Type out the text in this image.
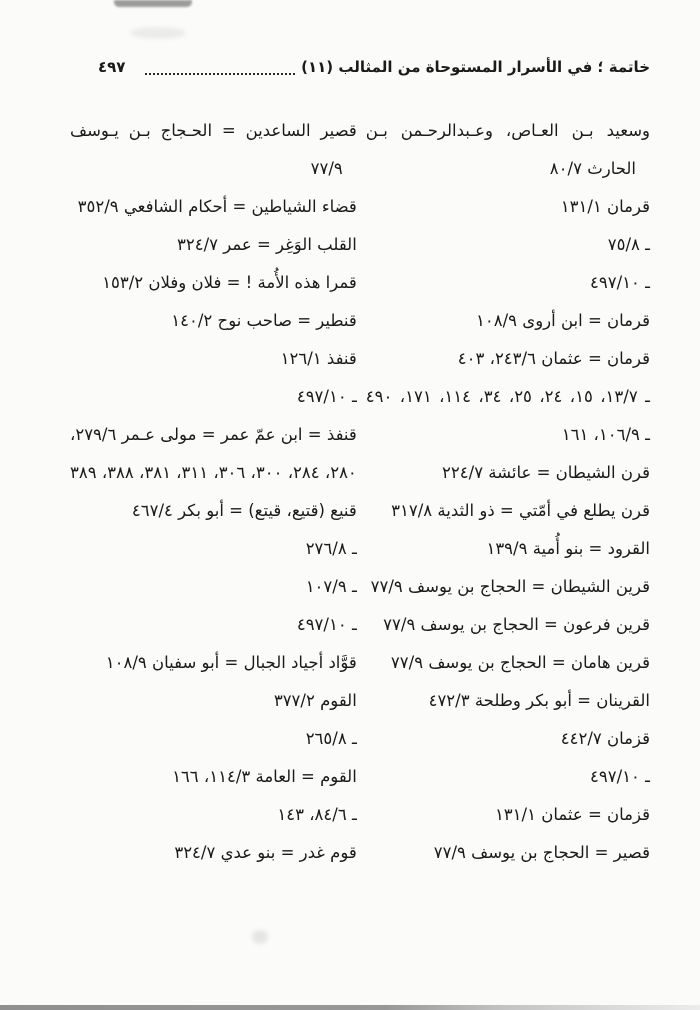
خاتمة ؛ في الأسرار المستوحاة من المثالب (١١)
٤٩٧
وسعيد بـن العـاص، وعـبدالرحـمن بـن
الحارث ٨٠/٧
قرمان ١٣١/١
ـ ٧٥/٨
ـ ٤٩٧/١٠
قرمان = ابن أروى ١٠٨/٩
قرمان = عثمان ٢٤٣/٦، ٤٠٣
ـ ١٣/٧، ١٥، ٢٤، ٢٥، ٣٤، ١١٤، ١٧١، ٤٩٠
ـ ١٠٦/٩، ١٦١
قرن الشيطان = عائشة ٢٢٤/٧
قرن يطلع في أمّتي = ذو الثدية ٣١٧/٨
القرود = بنو أُمية ١٣٩/٩
قرين الشيطان = الحجاج بن يوسف ٧٧/٩
قرين فرعون = الحجاج بن يوسف ٧٧/٩
قرين هامان = الحجاج بن يوسف ٧٧/٩
القرينان = أبو بكر وطلحة ٤٧٢/٣
قزمان ٤٤٢/٧
ـ ٤٩٧/١٠
قزمان = عثمان ١٣١/١
قصير = الحجاج بن يوسف ٧٧/٩
قصير الساعدين = الحـجاج بـن يـوسف
٧٧/٩
قضاء الشياطين = أحكام الشافعي ٣٥٢/٩
القلب الوَغِر = عمر ٣٢٤/٧
قمرا هذه الأُمة ! = فلان وفلان ١٥٣/٢
قنطير = صاحب نوح ١٤٠/٢
قنفذ ١٢٦/١
ـ ٤٩٧/١٠
قنفذ = ابن عمّ عمر = مولى عـمر ٢٧٩/٦،
٢٨٠، ٢٨٤، ٣٠٠، ٣٠٦، ٣١١، ٣٨١، ٣٨٨، ٣٨٩
قنيع (قتيع، قيتع) = أبو بكر ٤٦٧/٤
ـ ٢٧٦/٨
ـ ١٠٧/٩
ـ ٤٩٧/١٠
قوَّاد أجياد الجبال = أبو سفيان ١٠٨/٩
القوم ٣٧٧/٢
ـ ٢٦٥/٨
القوم = العامة ١١٤/٣، ١٦٦
ـ ٨٤/٦، ١٤٣
قوم غدر = بنو عدي ٣٢٤/٧
